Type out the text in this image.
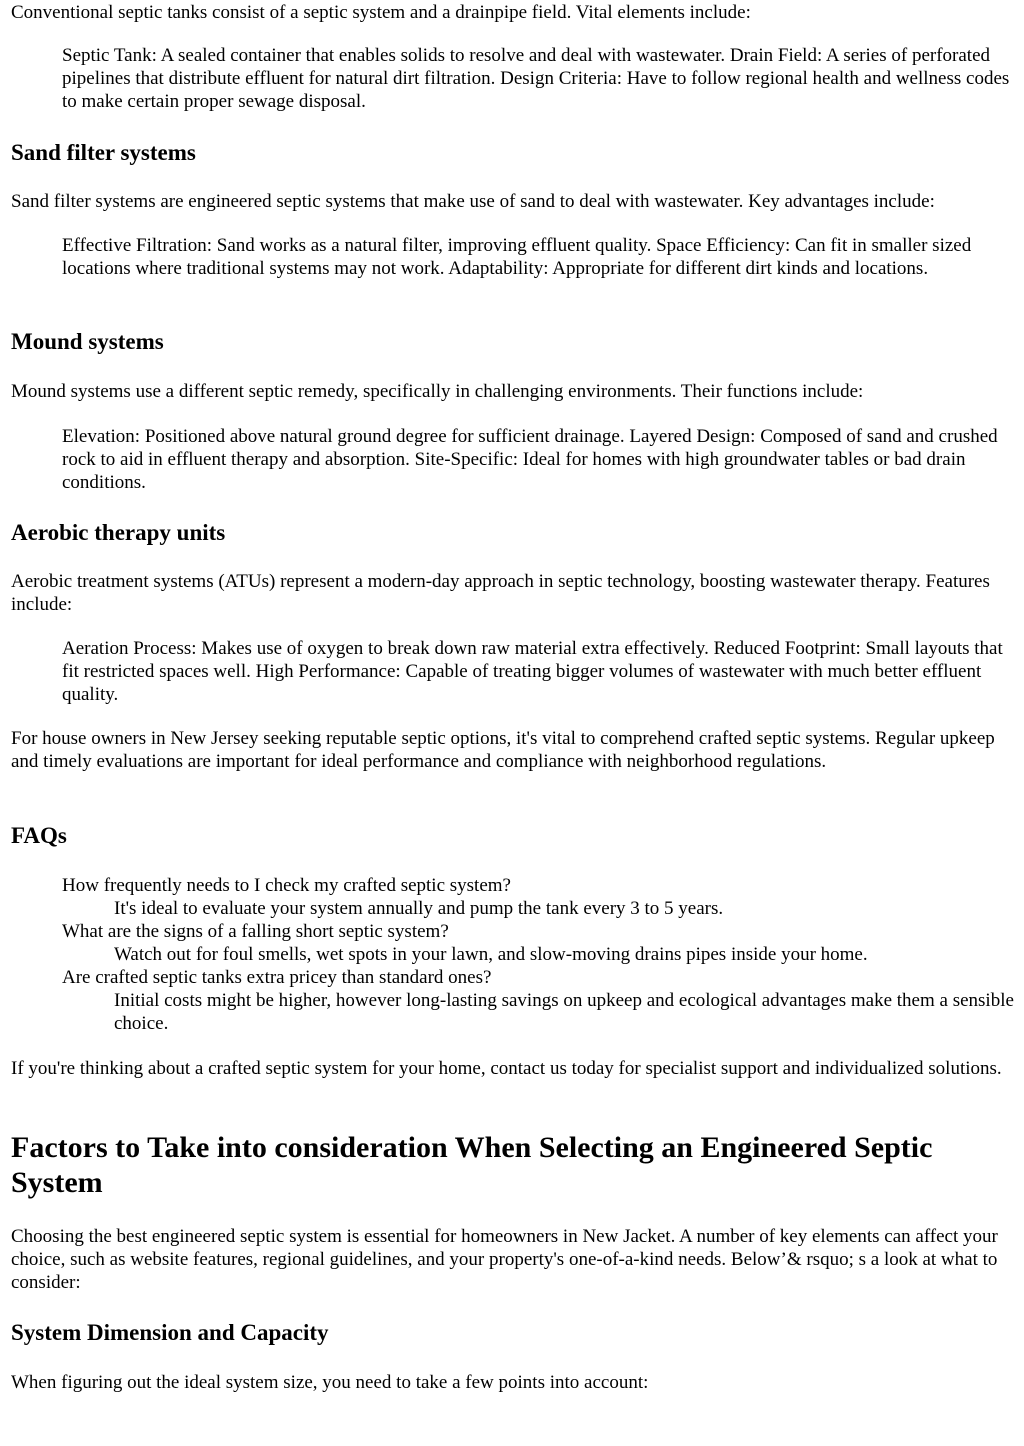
Conventional septic tanks consist of a septic system and a drainpipe field. Vital elements include:

Septic Tank: A sealed container that enables solids to resolve and deal with wastewater. Drain Field: A series of perforated pipelines that distribute effluent for natural dirt filtration. Design Criteria: Have to follow regional health and wellness codes to make certain proper sewage disposal.

Sand filter systems

Sand filter systems are engineered septic systems that make use of sand to deal with wastewater. Key advantages include:

Effective Filtration: Sand works as a natural filter, improving effluent quality. Space Efficiency: Can fit in smaller sized locations where traditional systems may not work. Adaptability: Appropriate for different dirt kinds and locations.

Mound systems

Mound systems use a different septic remedy, specifically in challenging environments. Their functions include:

Elevation: Positioned above natural ground degree for sufficient drainage. Layered Design: Composed of sand and crushed rock to aid in effluent therapy and absorption. Site-Specific: Ideal for homes with high groundwater tables or bad drain conditions.

Aerobic therapy units

Aerobic treatment systems (ATUs) represent a modern-day approach in septic technology, boosting wastewater therapy. Features include:

Aeration Process: Makes use of oxygen to break down raw material extra effectively. Reduced Footprint: Small layouts that fit restricted spaces well. High Performance: Capable of treating bigger volumes of wastewater with much better effluent quality.

For house owners in New Jersey seeking reputable septic options, it's vital to comprehend crafted septic systems. Regular upkeep and timely evaluations are important for ideal performance and compliance with neighborhood regulations.

FAQs
How frequently needs to I check my crafted septic system?
It's ideal to evaluate your system annually and pump the tank every 3 to 5 years.
What are the signs of a falling short septic system?
Watch out for foul smells, wet spots in your lawn, and slow-moving drains pipes inside your home.
Are crafted septic tanks extra pricey than standard ones?
Initial costs might be higher, however long-lasting savings on upkeep and ecological advantages make them a sensible choice.

If you're thinking about a crafted septic system for your home, contact us today for specialist support and individualized solutions.

Factors to Take into consideration When Selecting an Engineered Septic System

Choosing the best engineered septic system is essential for homeowners in New Jacket. A number of key elements can affect your choice, such as website features, regional guidelines, and your property's one-of-a-kind needs. Below’& rsquo; s a look at what to consider:

System Dimension and Capacity

When figuring out the ideal system size, you need to take a few points into account:
